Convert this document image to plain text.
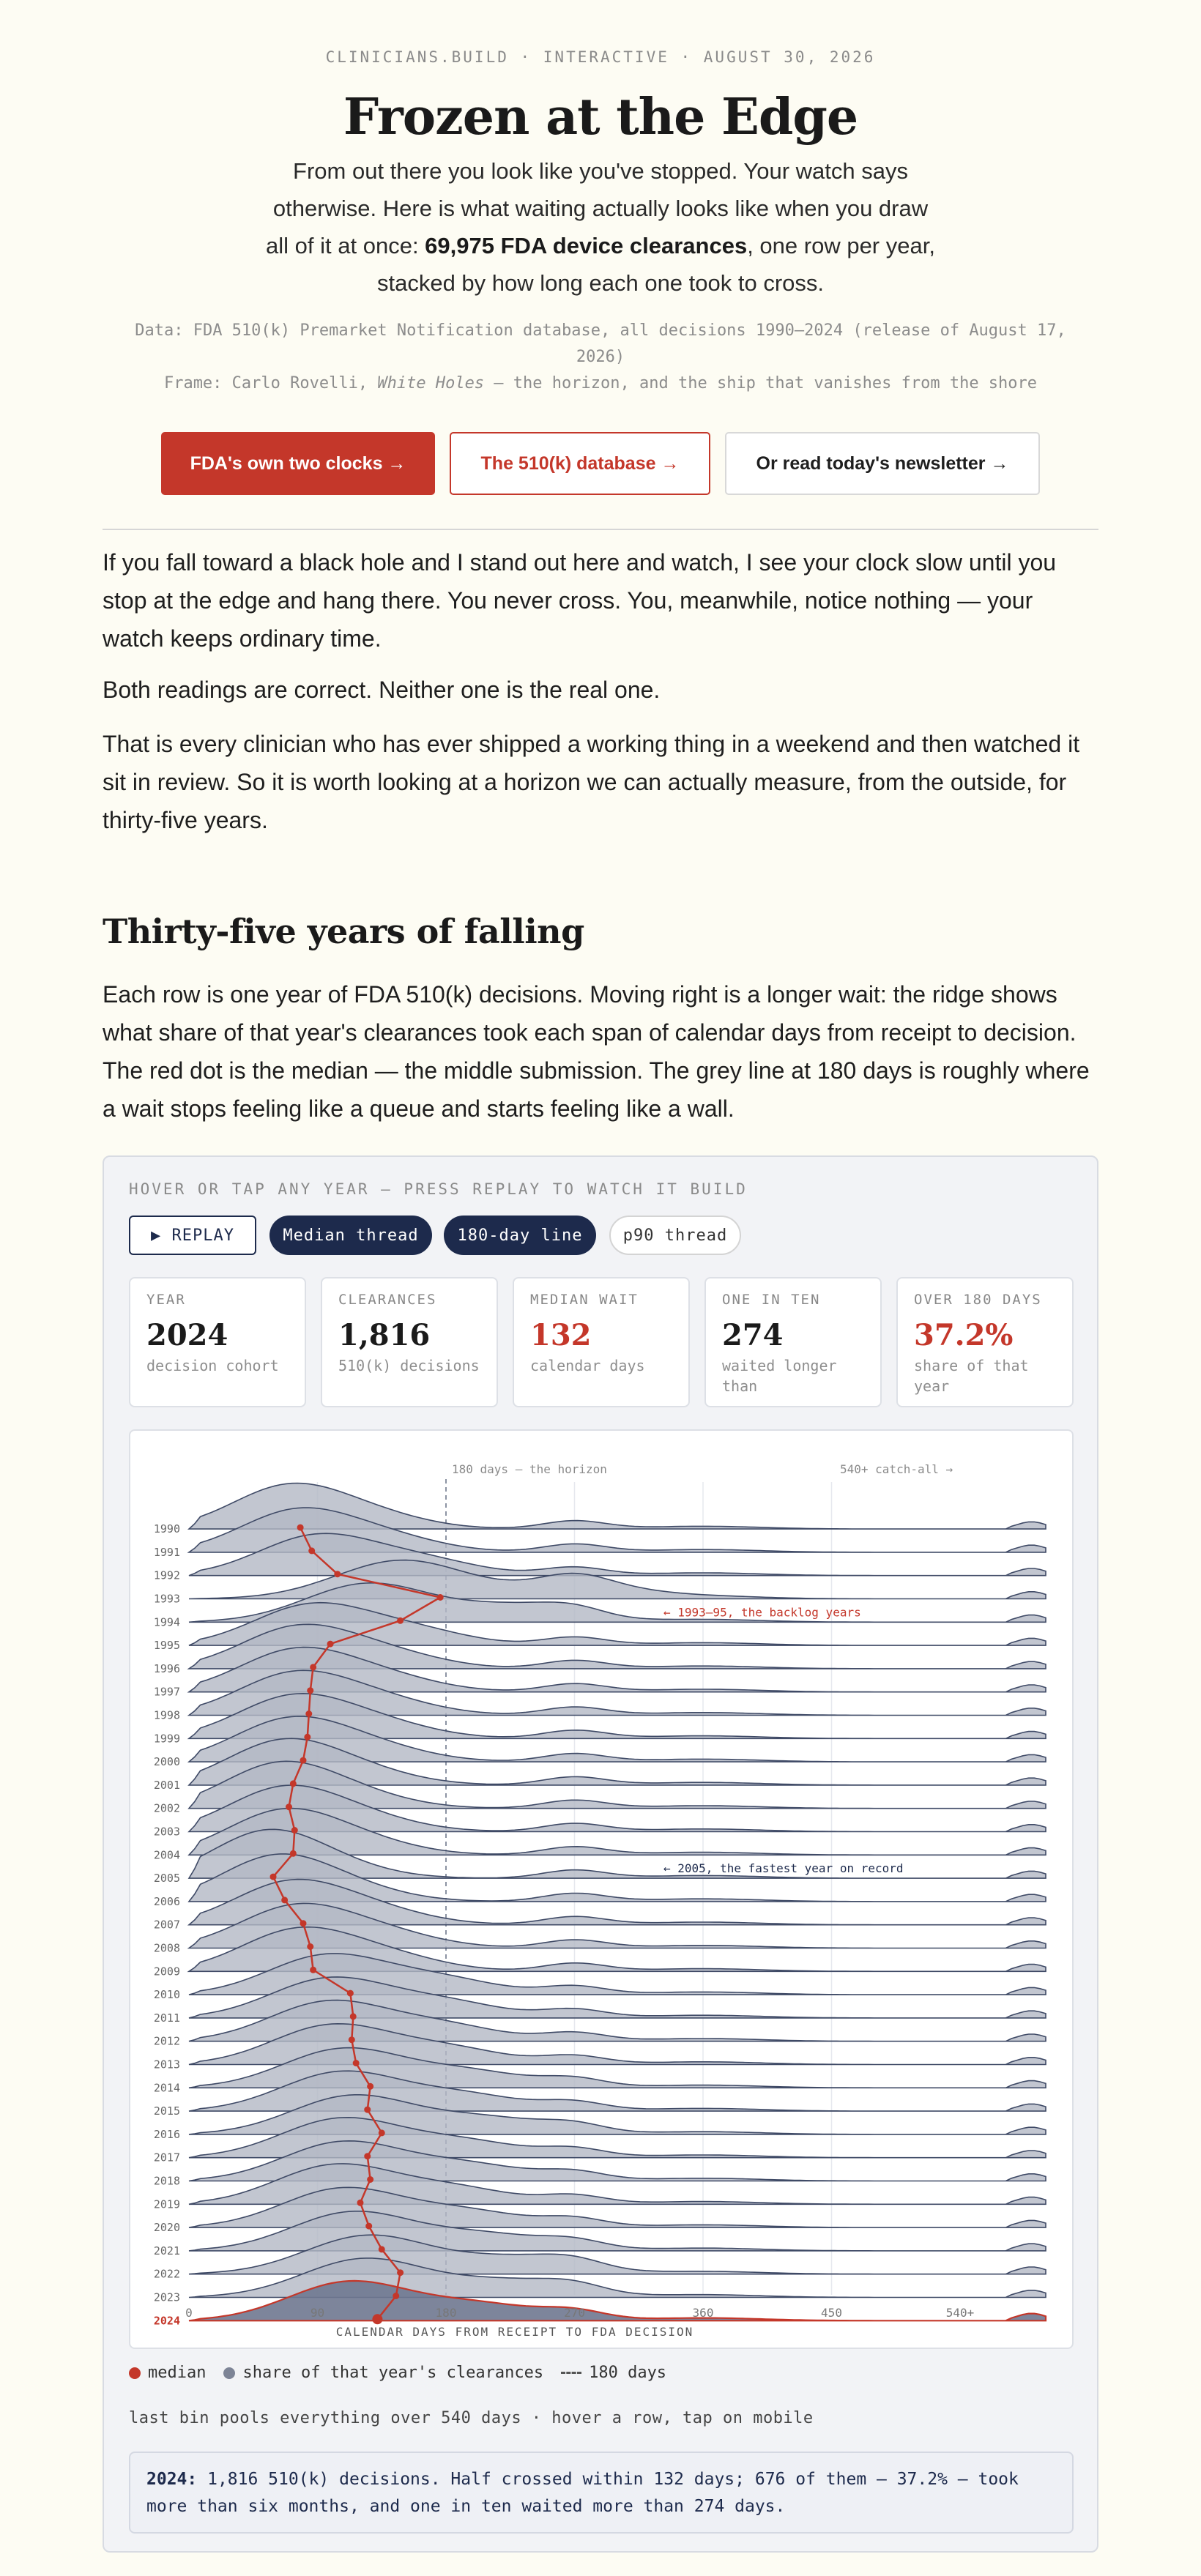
CLINICIANS.BUILD · INTERACTIVE · AUGUST 30, 2026
Frozen at the Edge
From out there you look like you've stopped. Your watch says otherwise. Here is what waiting actually looks like when you draw all of it at once: 69,975 FDA device clearances, one row per year, stacked by how long each one took to cross.
Data: FDA 510(k) Premarket Notification database, all decisions 1990–2024 (release of August 17, 2026)
Frame: Carlo Rovelli, White Holes — the horizon, and the ship that vanishes from the shore
FDA's own two clocks →	The 510(k) database →	Or read today's newsletter →
If you fall toward a black hole and I stand out here and watch, I see your clock slow until you stop at the edge and hang there. You never cross. You, meanwhile, notice nothing — your watch keeps ordinary time.
Both readings are correct. Neither one is the real one.
That is every clinician who has ever shipped a working thing in a weekend and then watched it sit in review. So it is worth looking at a horizon we can actually measure, from the outside, for thirty-five years.
Thirty-five years of falling
Each row is one year of FDA 510(k) decisions. Moving right is a longer wait: the ridge shows what share of that year's clearances took each span of calendar days from receipt to decision. The red dot is the median — the middle submission. The grey line at 180 days is roughly where a wait stops feeling like a queue and starts feeling like a wall.
HOVER OR TAP ANY YEAR — PRESS REPLAY TO WATCH IT BUILD
▶ REPLAY	Median thread	180-day line	p90 thread
YEAR
2024
decision cohort
CLEARANCES
1,816
510(k) decisions
MEDIAN WAIT
132
calendar days
ONE IN TEN
274
waited longer than
OVER 180 DAYS
37.2%
share of that year
180 days — the horizon	540+ catch-all →
1990
1991
1992
1993
1994
1995
1996
1997
1998
1999
2000
2001
2002
2003
2004
2005
2006
2007
2008
2009
2010
2011
2012
2013
2014
2015
2016
2017
2018
2019
2020
2021
2022
2023
2024
← 1993–95, the backlog years
← 2005, the fastest year on record
0	90	180	270	360	450	540+
CALENDAR DAYS FROM RECEIPT TO FDA DECISION
median share of that year's clearances	180 days
last bin pools everything over 540 days · hover a row, tap on mobile
2024: 1,816 510(k) decisions. Half crossed within 132 days; 676 of them — 37.2% — took more than six months, and one in ten waited more than 274 days.
